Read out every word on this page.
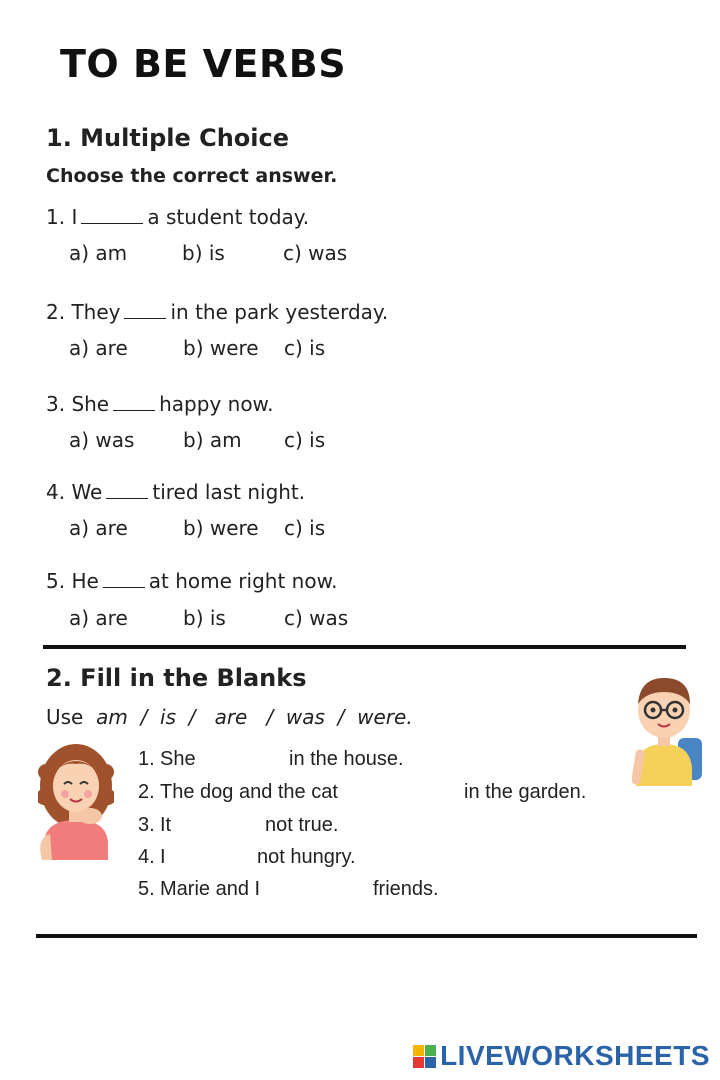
TO BE VERBS
1. Multiple Choice
Choose the correct answer.
1. I	a student today.
a) am	b) is	c) was
2. They	in the park yesterday.
a) are	b) were c) is
3. She	happy now.
a) was b) am c) is
4. We	tired last night.
a) are	b) were c) is
5. He	at home right now.
a) are	b) is	c) was
2. Fill in the Blanks
Use am / is / are / was / were.
1. She	in the house.
2. The dog and the cat	in the garden.
3. It	not true.
4. I	not hungry.
5. Marie and I	friends.
LIVEWORKSHEETS
